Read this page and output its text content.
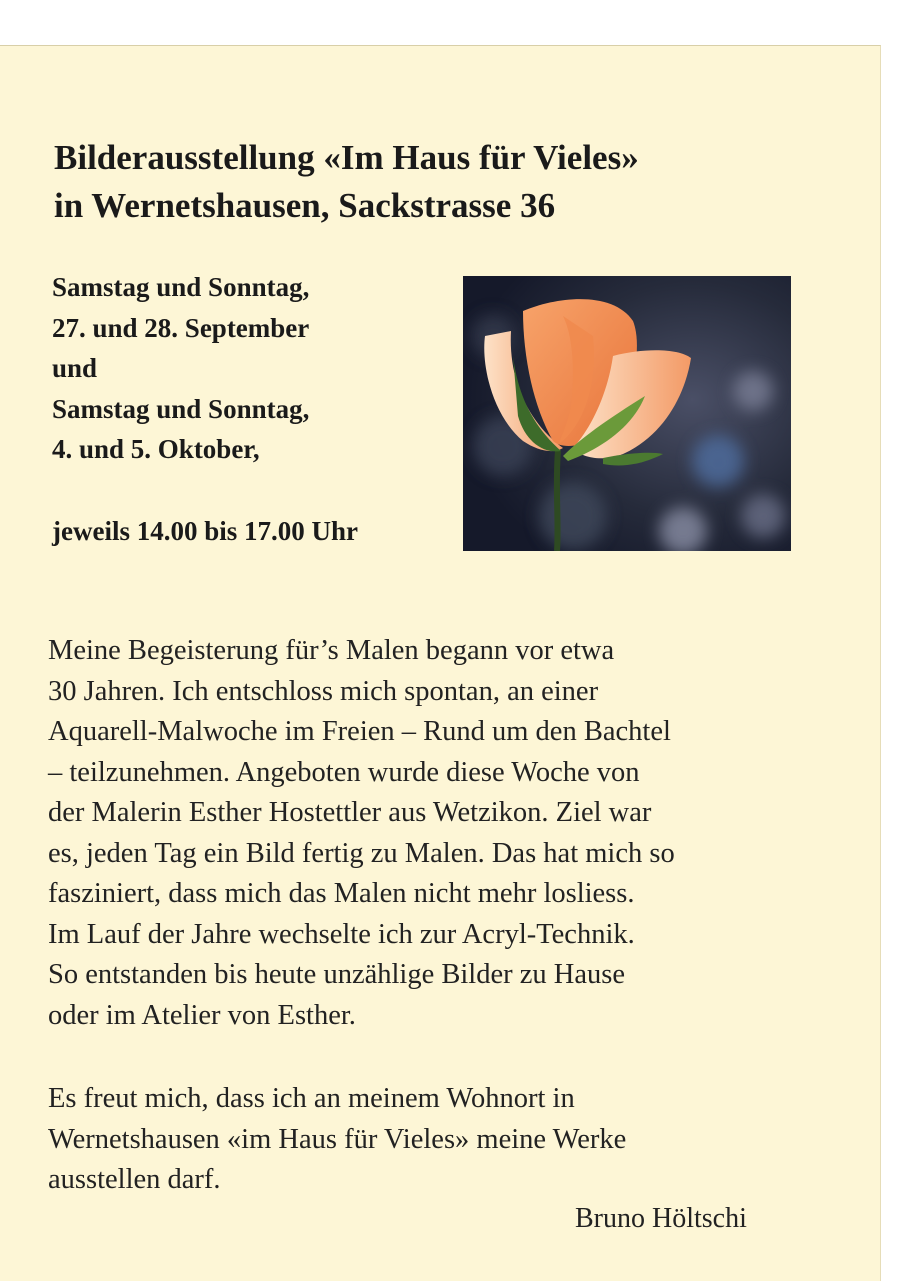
Bilderausstellung «Im Haus für Vieles»
in Wernetshausen, Sackstrasse 36
Samstag und Sonntag,
27. und 28. September
und
Samstag und Sonntag,
4. und 5. Oktober,
jeweils 14.00 bis 17.00 Uhr
Meine Begeisterung für’s Malen begann vor etwa
30 Jahren. Ich entschloss mich spontan, an einer
Aquarell-Malwoche im Freien – Rund um den Bachtel
– teilzunehmen. Angeboten wurde diese Woche von
der Malerin Esther Hostettler aus Wetzikon. Ziel war
es, jeden Tag ein Bild fertig zu Malen. Das hat mich so
fasziniert, dass mich das Malen nicht mehr losliess.
Im Lauf der Jahre wechselte ich zur Acryl-Technik.
So entstanden bis heute unzählige Bilder zu Hause
oder im Atelier von Esther.
Es freut mich, dass ich an meinem Wohnort in
Wernetshausen «im Haus für Vieles» meine Werke
ausstellen darf.
Bruno Höltschi
